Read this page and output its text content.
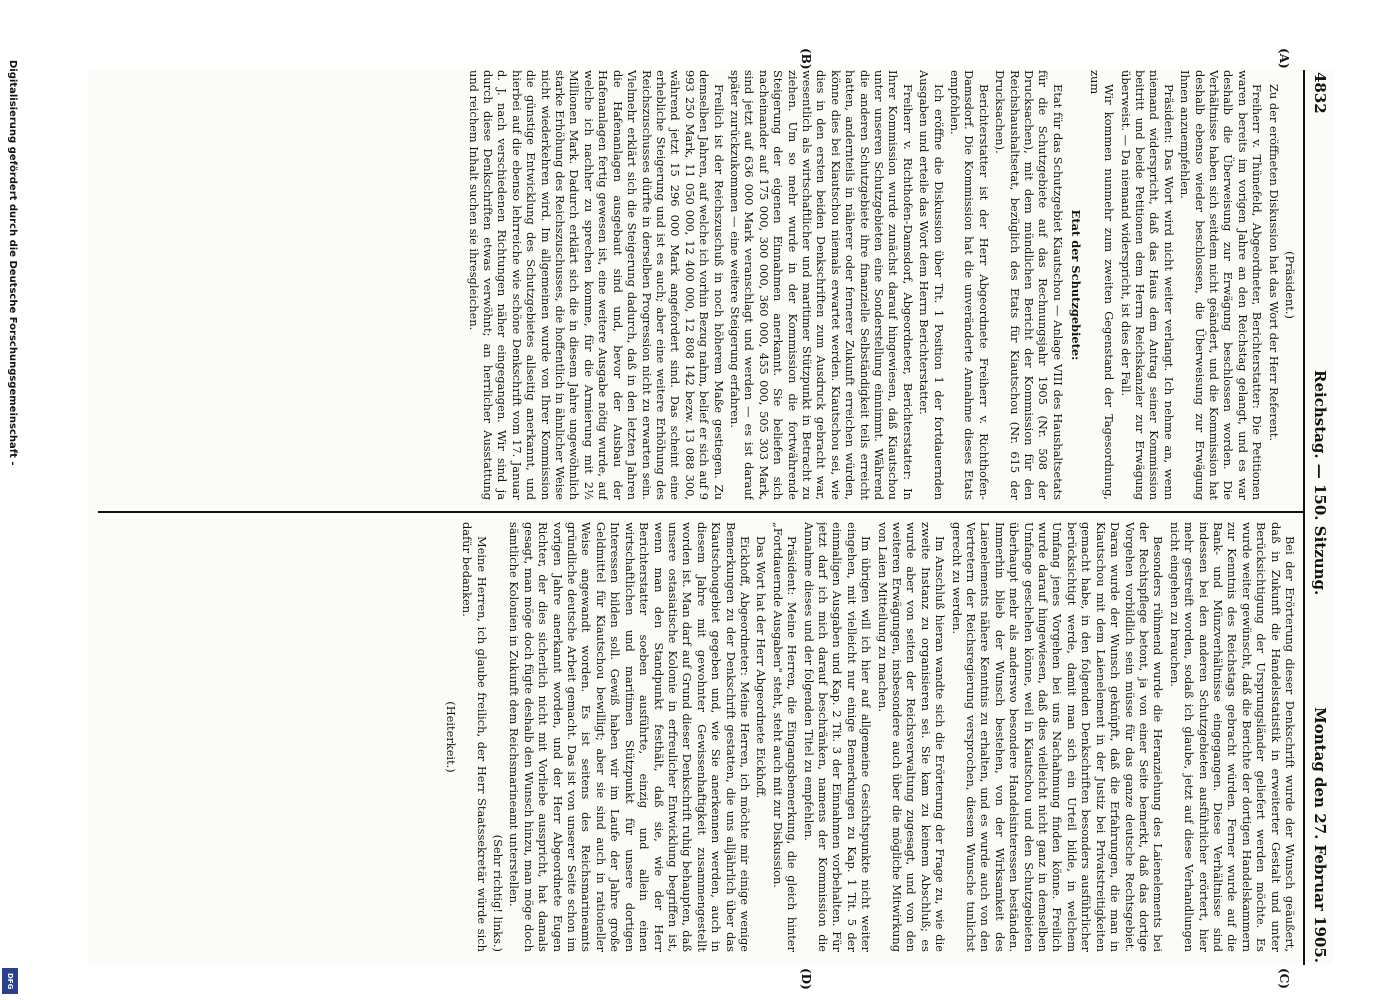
4832
Reichstag. — 150. Sitzung.
Montag den 27. Februar 1905.
(A)
(B)
(C)
(D)

(Präsident.)

Zu der eröffneten Diskussion hat das Wort der Herr Referent.

Freiherr v. Thünefeld, Abgeordneter, Berichterstatter: Die Petitionen waren bereits im vorigen Jahre an den Reichstag gelangt, und es war deshalb die Überweisung zur Erwägung beschlossen worden. Die Verhältnisse haben sich seitdem nicht geändert, und die Kommission hat deshalb ebenso wieder beschlossen, die Überweisung zur Erwägung Ihnen anzuempfehlen.

Präsident: Das Wort wird nicht weiter verlangt. Ich nehme an, wenn niemand widerspricht, daß das Haus dem Antrag seiner Kommission beitritt und beide Petitionen dem Herrn Reichskanzler zur Erwägung überweist. — Da niemand widerspricht, ist dies der Fall.

Wir kommen nunmehr zum zweiten Gegenstand der Tagesordnung, zum

Etat der Schutzgebiete:

Etat für das Schutzgebiet Kiautschou — Anlage VIII des Haushaltsetats für die Schutzgebiete auf das Rechnungsjahr 1905 (Nr. 508 der Drucksachen), mit dem mündlichen Bericht der Kommission für den Reichshaushaltsetat, bezüglich des Etats für Kiautschou (Nr. 615 der Drucksachen).

Berichterstatter ist der Herr Abgeordnete Freiherr v. Richthofen-Damsdorf. Die Kommission hat die unveränderte Annahme dieses Etats empfohlen.

Ich eröffne die Diskussion über Tit. 1 Position 1 der fortdauernden Ausgaben und erteile das Wort dem Herrn Berichterstatter.

Freiherr v. Richthofen-Damsdorf, Abgeordneter, Berichterstatter: In Ihrer Kommission wurde zunächst darauf hingewiesen, daß Kiautschou unter unseren Schutzgebieten eine Sonderstellung einnimmt. Während die anderen Schutzgebiete ihre finanzielle Selbständigkeit teils erreicht hatten, andernteils in näherer oder fernerer Zukunft erreichen würden, könne dies bei Kiautschou niemals erwartet werden. Kiautschou sei, wie dies in den ersten beiden Denkschriften zum Ausdruck gebracht war, wesentlich als wirtschaftlicher und maritimer Stützpunkt in Betracht zu ziehen. Um so mehr wurde in der Kommission die fortwährende Steigerung der eigenen Einnahmen anerkannt. Sie beliefen sich nacheinander auf 175 000, 300 000, 360 000, 455 000, 505 303 Mark, sind jetzt auf 636 000 Mark veranschlagt und werden — es ist darauf später zurückzukommen — eine weitere Steigerung erfahren.

Freilich ist der Reichszuschuß in noch höherem Maße gestiegen. Zu demselben Jahren, auf welche ich vorhin Bezug nahm, belief er sich auf 9 993 250 Mark, 11 050 000, 12 400 000, 12 808 142 bezw. 13 088 300, während jetzt 15 296 000 Mark angefordert sind. Das scheint eine erhebliche Steigerung und ist es auch; aber eine weitere Erhöhung des Reichszuschusses dürfte in derselben Progression nicht zu erwarten sein. Vielmehr erklärt sich die Steigerung dadurch, daß in den letzten Jahren die Hafenanlagen ausgebaut sind und, bevor der Ausbau der Hafenanlagen fertig gewesen ist, eine weitere Ausgabe nötig wurde, auf welche ich nachher zu sprechen komme, für die Armierung mit 2½ Millionen Mark. Dadurch erklärt sich die in diesem Jahre ungewöhnlich starke Erhöhung des Reichszuschusses, die hoffentlich in ähnlicher Weise nicht wiederkehren wird. Im allgemeinen wurde von Ihrer Kommission die günstige Entwicklung des Schutzgebietes allseitig anerkannt, und hierbei auf die ebenso lehrreiche wie schöne Denkschrift vom 17. Januar d. J. nach verschiedenen Richtungen näher eingegangen. Wir sind ja durch diese Denkschriften etwas verwöhnt; an herrlicher Ausstattung und reichem Inhalt suchen sie ihresgleichen.

Bei der Erörterung dieser Denkschrift wurde der Wunsch geäußert, daß in Zukunft die Handelsstatistik in erweiterter Gestalt und unter Berücksichtigung der Ursprungsländer geliefert werden möchte. Es wurde weiter gewünscht, daß die Berichte der dortigen Handelskammern zur Kenntnis des Reichstags gebracht würden. Ferner wurde auf die Bank- und Münzverhältnisse eingegangen. Diese Verhältnisse sind indessen bei den anderen Schutzgebieten ausführlicher erörtert, hier mehr gestreift worden, sodaß ich glaube, jetzt auf diese Verhandlungen nicht eingehen zu brauchen.

Besonders rühmend wurde die Heranziehung des Laienelements bei der Rechtspflege betont, ja von einer Seite bemerkt, daß das dortige Vorgehen vorbildlich sein müsse für das ganze deutsche Rechtsgebiet. Daran wurde der Wunsch geknüpft, daß die Erfahrungen, die man in Kiautschou mit dem Laienelement in der Justiz bei Privatstreitigkeiten gemacht habe, in den folgenden Denkschriften besonders ausführlicher berücksichtigt werde, damit man sich ein Urteil bilde, in welchem Umfang jenes Vorgehen bei uns Nachahmung finden könne. Freilich wurde darauf hingewiesen, daß dies vielleicht nicht ganz in demselben Umfange geschehen könne, weil in Kiautschou und den Schutzgebieten überhaupt mehr als anderswo besondere Handelsinteressen beständen. Immerhin blieb der Wunsch bestehen, von der Wirksamkeit des Laienelements nähere Kenntnis zu erhalten, und es wurde auch von den Vertretern der Reichsregierung versprochen, diesem Wunsche tunlichst gerecht zu werden.

Im Anschluß hieran wandte sich die Erörterung der Frage zu, wie die zweite Instanz zu organisieren sei. Sie kam zu keinem Abschluß; es wurde aber von seiten der Reichsverwaltung zugesagt, und von den weiteren Erwägungen, insbesondere auch über die mögliche Mitwirkung von Laien Mitteilung zu machen.

Im übrigen will ich hier auf allgemeine Gesichtspunkte nicht weiter eingehen, mit vielleicht nur einige Bemerkungen zu Kap. 1 Tit. 5 der einmaligen Ausgaben und Kap. 2 Tit. 3 der Einnahmen vorbehalten. Für jetzt darf ich mich darauf beschränken, namens der Kommission die Annahme dieses und der folgenden Titel zu empfehlen.

Präsident: Meine Herren, die Eingangsbemerkung, die gleich hinter „Fortdauernde Ausgaben" steht, steht auch mit zur Diskussion.

Das Wort hat der Herr Abgeordnete Eickhoff.

Eickhoff, Abgeordneter: Meine Herren, ich möchte mir einige wenige Bemerkungen zu der Denkschrift gestatten, die uns alljährlich über das Kiautschougebiet gegeben und, wie Sie anerkennen werden, auch in diesem Jahre mit gewohnter Gewissenhaftigkeit zusammengestellt worden ist. Man darf auf Grund dieser Denkschrift ruhig behaupten, daß unsere ostasiatische Kolonie in erfreulicher Entwicklung begriffen ist, wenn man den Standpunkt festhält, daß sie, wie der Herr Berichterstatter soeben ausführte, einzig und allein einen wirtschaftlichen und maritimen Stützpunkt für unsere dortigen Interessen bilden soll. Gewiß haben wir im Laufe der Jahre große Geldmittel für Kiautschou bewilligt; aber sie sind auch in rationeller Weise angewandt worden. Es ist seitens des Reichsmarineamts gründliche deutsche Arbeit gemacht. Das ist von unserer Seite schon im vorigen Jahre anerkannt worden, und der Herr Abgeordnete Eugen Richter, der dies sicherlich nicht mit Vorliebe ausspricht, hat damals gesagt, man möge doch fügte deshalb den Wunsch hinzu, man möge doch sämtliche Kolonien in Zukunft dem Reichsmarineamt unterstellen.

(Sehr richtig! links.)

Meine Herren, ich glaube freilich, der Herr Staatssekretär würde sich dafür bedanken.

(Heiterkeit.)

Digitalisierung gefördert durch die Deutsche Forschungsgemeinschaft -
DFG
